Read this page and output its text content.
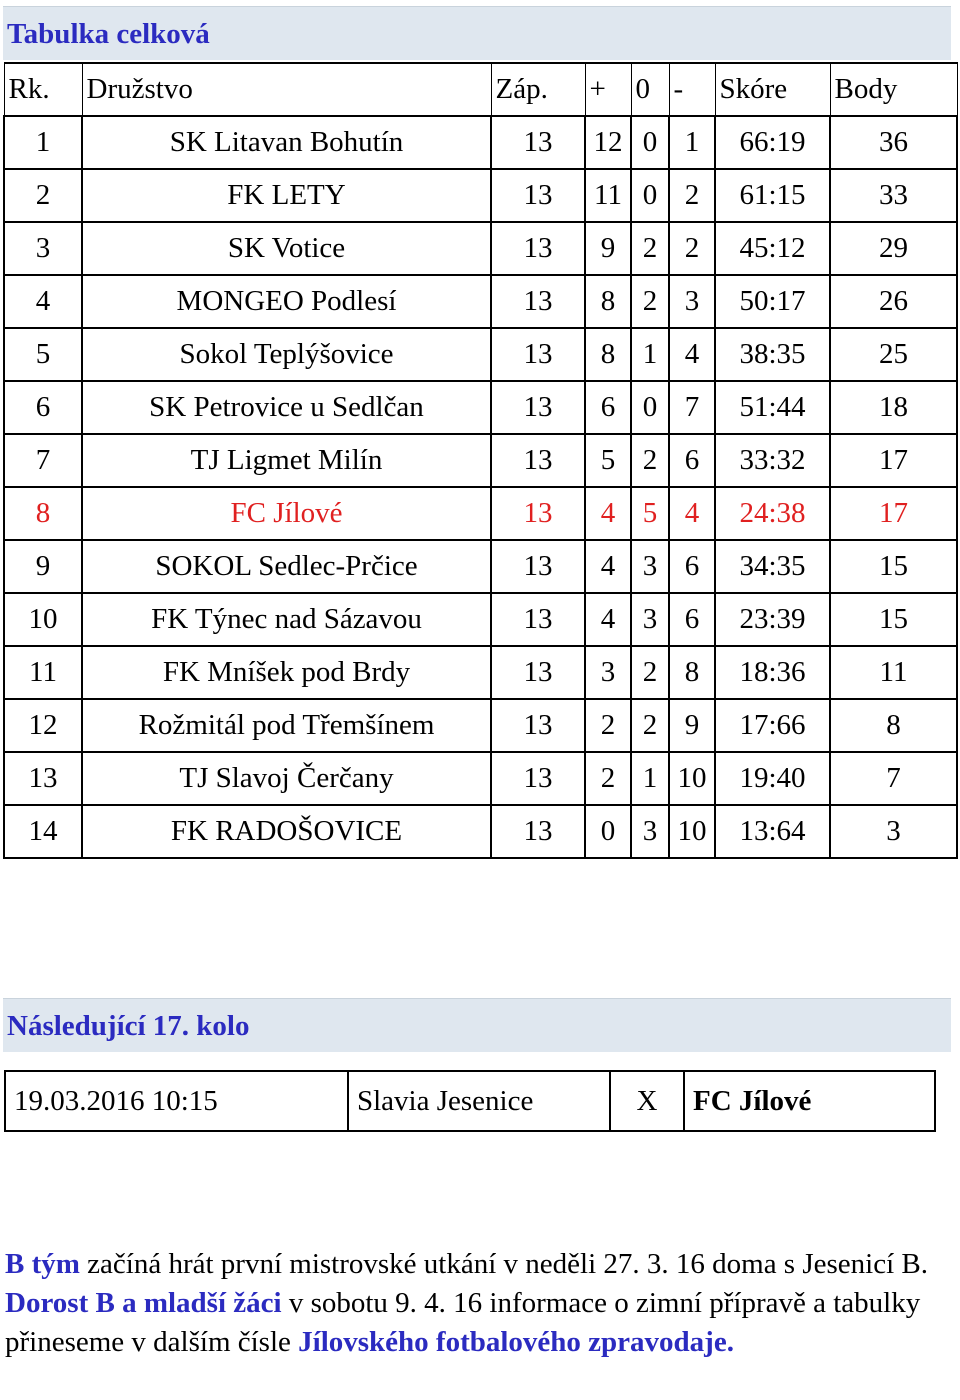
Tabulka celková
Rk.	Družstvo	Záp.	+	0	-	Skóre	Body
1	SK Litavan Bohutín	13	12	0	1	66:19	36
2	FK LETY	13	11	0	2	61:15	33
3	SK Votice	13	9	2	2	45:12	29
4	MONGEO Podlesí	13	8	2	3	50:17	26
5	Sokol Teplýšovice	13	8	1	4	38:35	25
6	SK Petrovice u Sedlčan	13	6	0	7	51:44	18
7	TJ Ligmet Milín	13	5	2	6	33:32	17
8	FC Jílové	13	4	5	4	24:38	17
9	SOKOL Sedlec-Prčice	13	4	3	6	34:35	15
10	FK Týnec nad Sázavou	13	4	3	6	23:39	15
11	FK Mníšek pod Brdy	13	3	2	8	18:36	11
12	Rožmitál pod Třemšínem	13	2	2	9	17:66	8
13	TJ Slavoj Čerčany	13	2	1	10	19:40	7
14	FK RADOŠOVICE	13	0	3	10	13:64	3
Následující 17. kolo
19.03.2016 10:15	Slavia Jesenice	X	FC Jílové
B tým začíná hrát první mistrovské utkání v neděli 27. 3. 16 doma s Jesenicí B. Dorost B a mladší žáci v sobotu 9. 4. 16 informace o zimní přípravě a tabulky přineseme v dalším čísle Jílovského fotbalového zpravodaje.
